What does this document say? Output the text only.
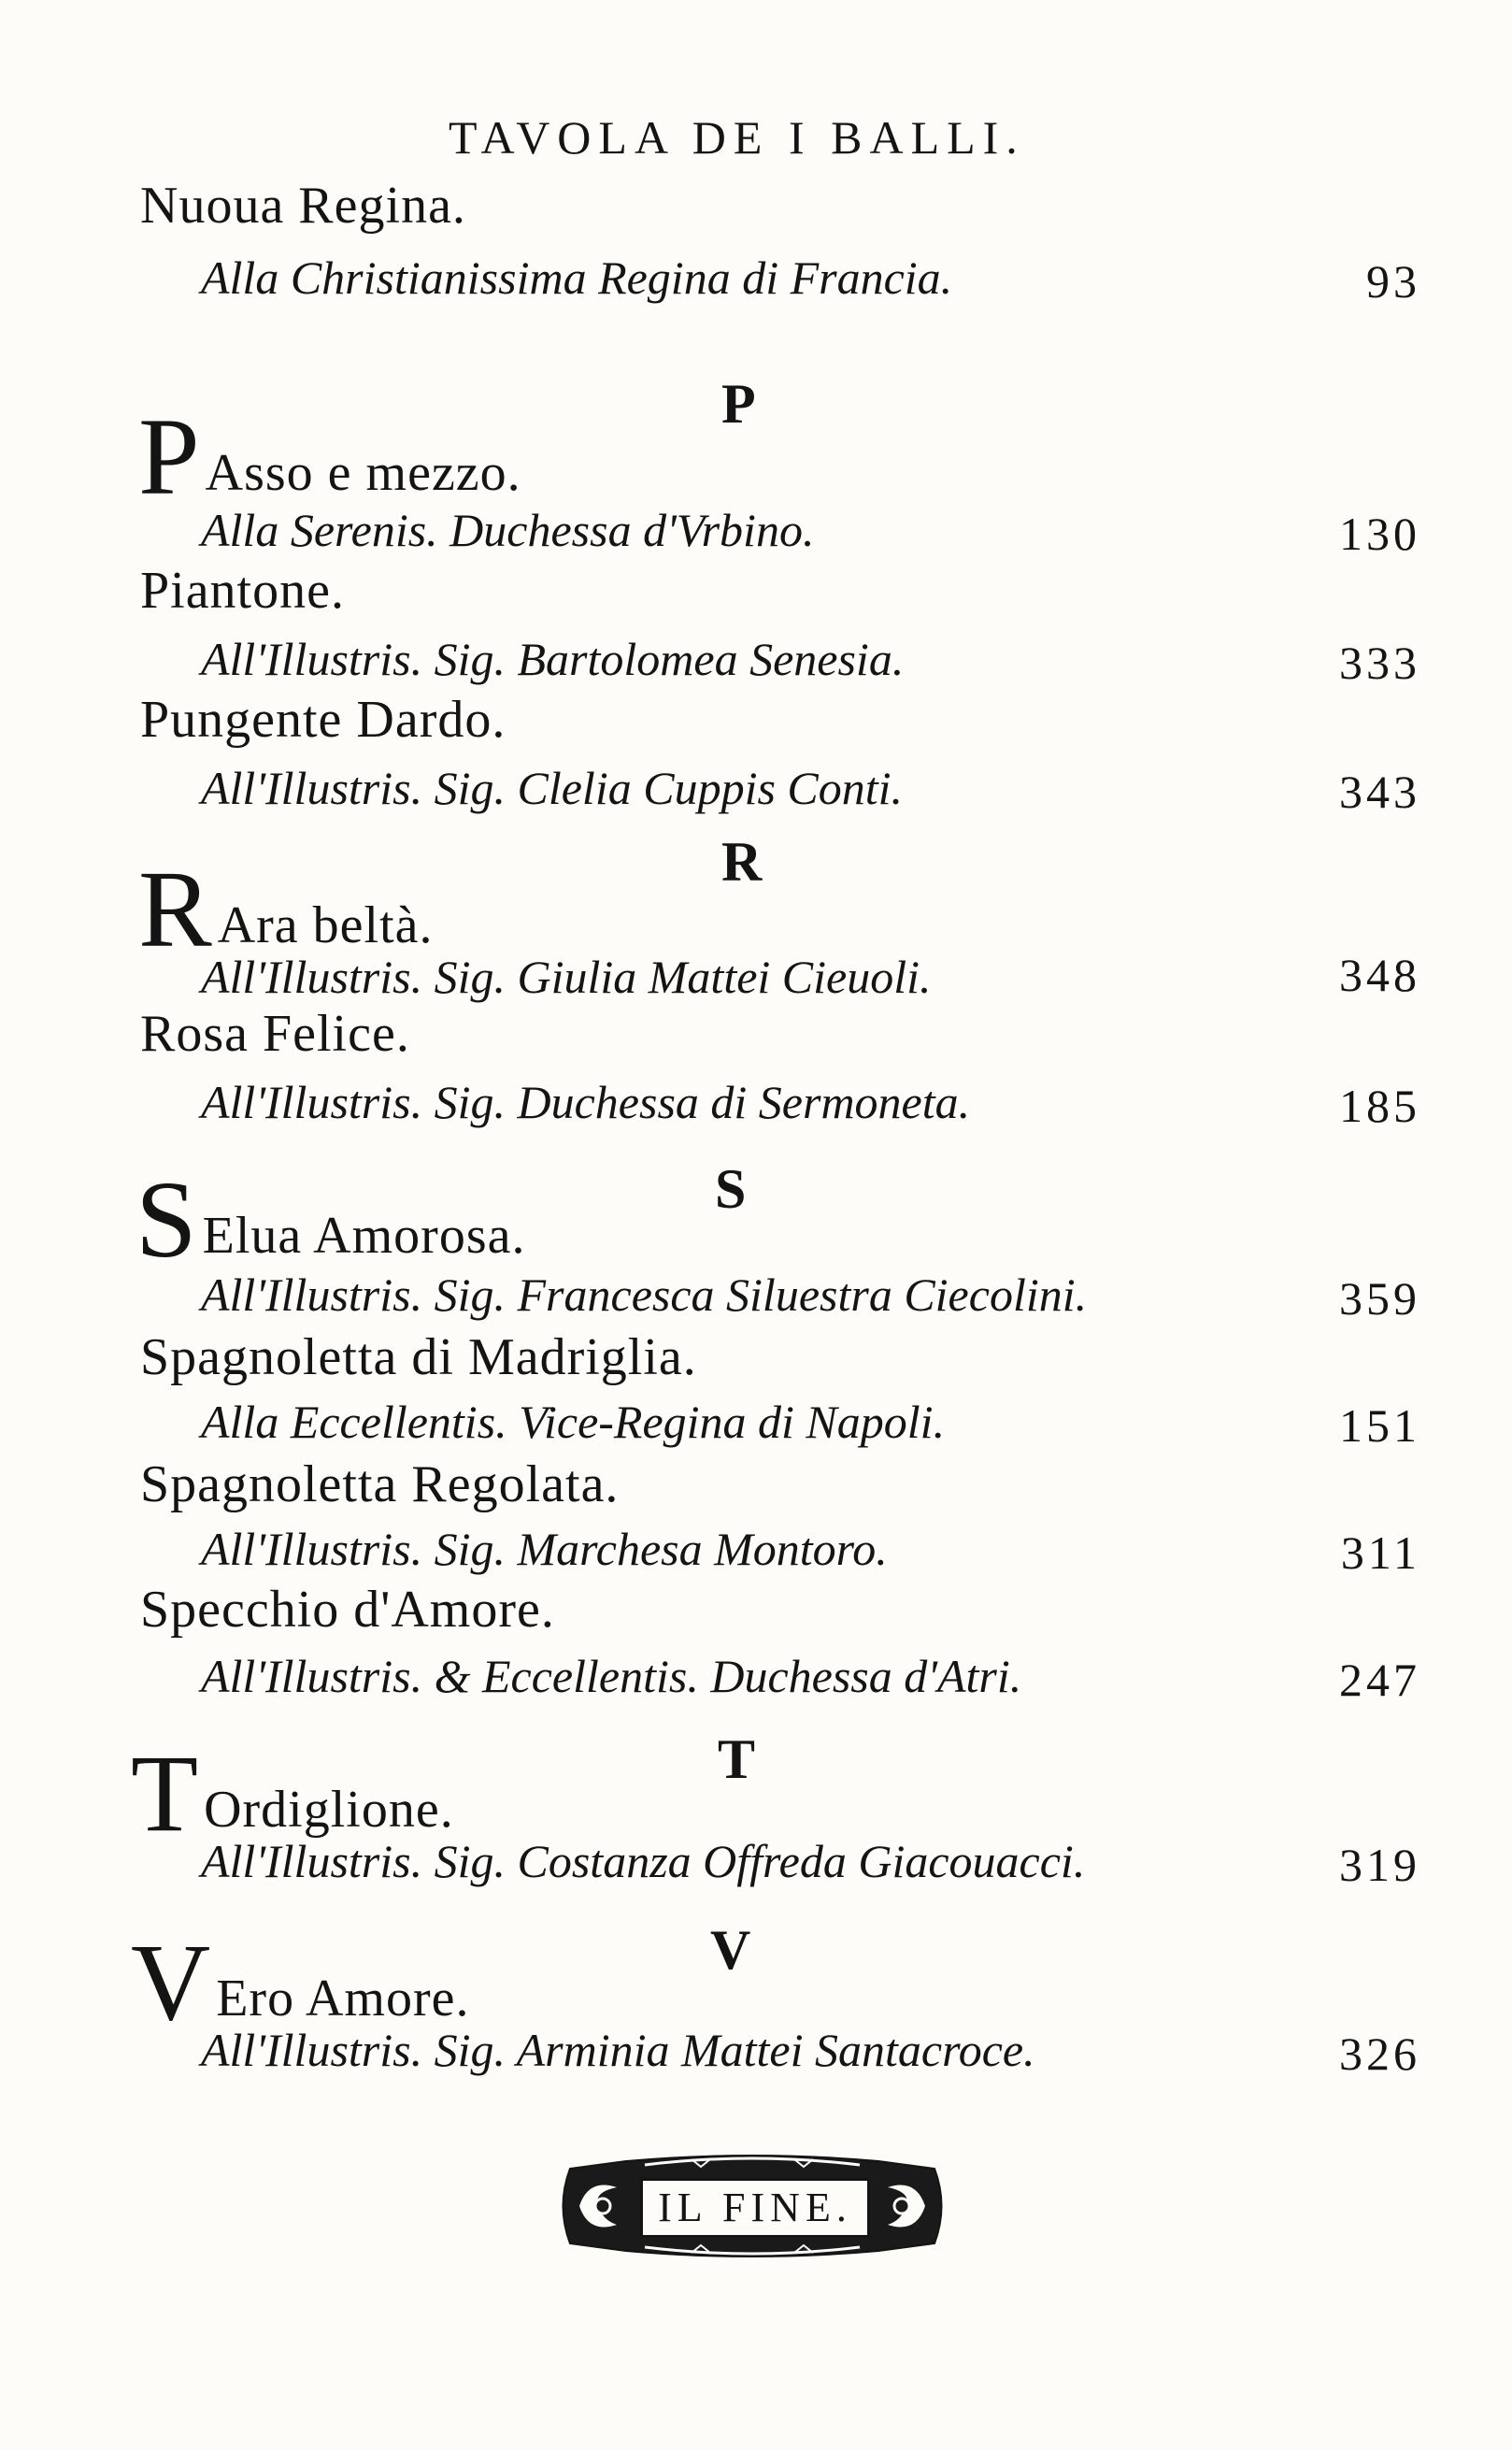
TAVOLA DE I BALLI.
Nuoua Regina.
Alla Christianissima Regina di Francia.	93
P
P Asso e mezzo.
Alla Serenis. Duchessa d'Vrbino.	130
Piantone.
All'Illustris. Sig. Bartolomea Senesia.	333
Pungente Dardo.
All'Illustris. Sig. Clelia Cuppis Conti.	343
R
R Ara beltà.
All'Illustris. Sig. Giulia Mattei Cieuoli.	348
Rosa Felice.
All'Illustris. Sig. Duchessa di Sermoneta.	185
S
S Elua Amorosa.
All'Illustris. Sig. Francesca Siluestra Ciecolini.	359
Spagnoletta di Madriglia.
Alla Eccellentis. Vice-Regina di Napoli.	151
Spagnoletta Regolata.
All'Illustris. Sig. Marchesa Montoro.	311
Specchio d'Amore.
All'Illustris. & Eccellentis. Duchessa d'Atri.	247
T
T Ordiglione.
All'Illustris. Sig. Costanza Offreda Giacouacci.	319
V
V Ero Amore.
All'Illustris. Sig. Arminia Mattei Santacroce.	326
IL FINE.
